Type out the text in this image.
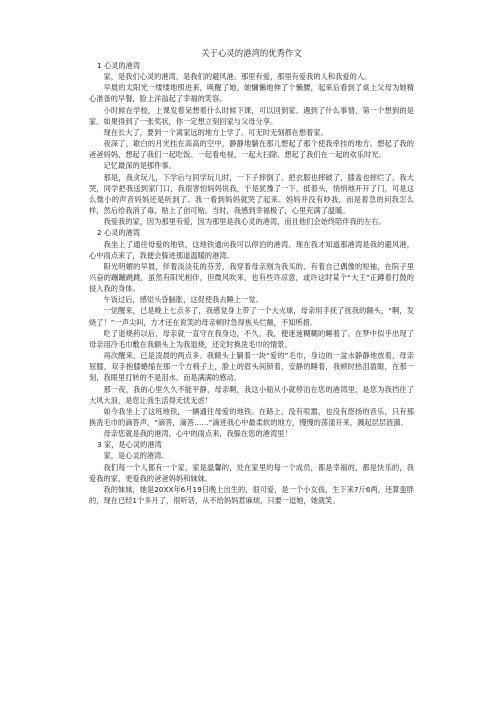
关于心灵的港湾的优秀作文

1 心灵的港湾

家，是我们心灵的港湾，是我们的避风港。那里有爱，那里有爱我的人和我爱的人。

早晨的太阳光一缕缕地照进来，唤醒了她，她慵懒地伸了个懒腰，起来后看到了桌上父母为她精心准备的早餐，脸上洋溢起了幸福的笑容。

小时候在学校，上课发着呆想着什么时候下课，可以回到家。遇到了什么事情，第一个想到的是家。如果得到了一张奖状，你一定想立刻回家与父母分享。

现在长大了，要到一个离家远的地方上学了。可无时无刻都在想着家。

夜深了，歇白的月光挂在高高的空中，静静地躺在那儿想起了那个使我牵挂的地方。想起了我的爸爸妈妈、想起了我们一起吃饭、一起看电视、一起大扫除、想起了我们在一起的欢乐时光。

记忆最深的是那件事。

那是，我贪玩儿，下学后与同学玩儿时，一下子摔倒了。把衣服也摔破了，膝盖也摔烂了，我大哭，同学把我送到家门口，我很害怕妈妈说我，于是犹豫了一下，抵着头，悄悄地开开了门，可是这么微小的声音妈妈还是听到了。我一看到妈妈就哭了起来。妈妈并没有吵我，而是着急的问我怎么样，然后给我消了毒，贴上了创可贴。当时，我感到幸福极了，心里充满了温暖。

我爱我的家，因为那里有爱，因为那里是我心灵的港湾，而且他们会始终陪伴我的左右。

2 心灵的港湾

我坐上了通往母爱的地铁，这地铁通向我可以停泊的港湾。现在我才知道那港湾是我的避风港，心中雨点来了，我便会躲进那道温暖的港湾。

阳光明媚的早晨，伴着淡淡花的芬芳，我穿着母亲刚为我买的、有着自己偶像的短袖，在院子里兴奋的蹦蹦跳跳，虽然有阳光相伴，但微风吹来，也有些许凉意，或许这时某个“大王”正蹲着打鼓的侵入我的身体。

午饭过后，感觉头昏脑胀，这促使我去睡上一觉。

一觉醒来，已是晚上七点多了，我感觉身上带了一个大火球，母亲用手抚了抚我的额头，“啊，发烧了！”一声尖叫，方才还在说笑的母亲顿时急得焦头烂额，不知所措。

吃了退烧药以后，母亲就一直守在我身边，不久，我，便迷迷糊糊的睡着了。在梦中似乎出现了母亲用冷毛巾敷在我额头上为我退烧，还定时换洗毛巾的情景。

再次醒来，已是凌晨的两点多。我额头上躺着一块“爱的”毛巾，身边的一盆水静静地放着，母亲屈膝，双手抱膝蜷缩在那一个方椅子上，脸上的眉头间锁着，安静的睡着，我顿时热泪盈眶，在那一刻，我眼里打转的不是泪水，而是满满的感动。

那一夜，我的心里久久不能平静，母亲啊，我这小船从小就停泊在您的港湾里，是您为我挡住了大风大浪，是您让我生活得无忧无虑！

如今我坐上了这班地铁，一辆通往母爱的地铁。在路上，没有喧嚣，也没有悠扬的音乐，只有那换洗毛巾的滴答声，“滴答，滴答……”滴进我心中最柔软的地方，慢慢的荡漾开来，溅起层层涟漪。

母亲您就是我的港湾，心中的雨点来，我躲在您的港湾里！

3 家，是心灵的港湾

家，是心灵的港湾。

我们每一个人都有一个家，家是温馨的，处在家里的每一个成员，都是幸福的，都是快乐的，我爱我的家，更爱我的爸爸妈妈和妹妹。

我的妹妹，她是20XX年6月19日晚上出生的，很可爱，是一个小女孩，生下来7斤6两，还算蛮胖的，现在已经1个多月了，很听话，从不给妈妈惹麻烦，只要一逗她，她就笑。
